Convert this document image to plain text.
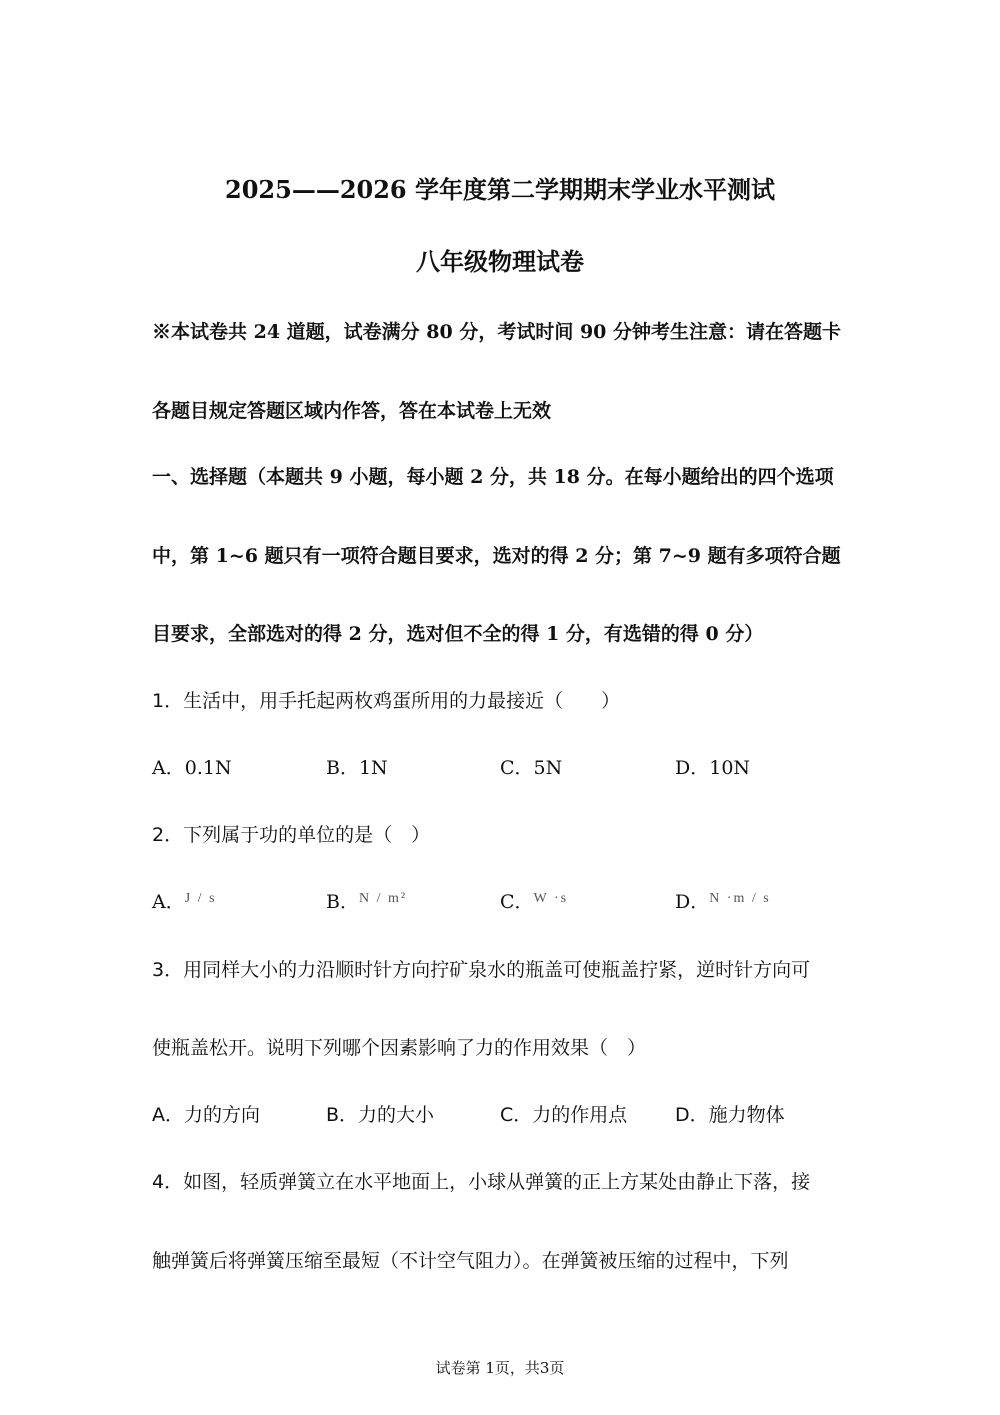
2025——2026 学年度第二学期期末学业水平测试
八年级物理试卷
※本试卷共 24 道题，试卷满分 80 分，考试时间 90 分钟考生注意：请在答题卡
各题目规定答题区域内作答，答在本试卷上无效
一、选择题（本题共 9 小题，每小题 2 分，共 18 分。在每小题给出的四个选项
中，第 1~6 题只有一项符合题目要求，选对的得 2 分；第 7~9 题有多项符合题
目要求，全部选对的得 2 分，选对但不全的得 1 分，有选错的得 0 分）
1．生活中，用手托起两枚鸡蛋所用的力最接近（　　）
A．0.1N	B．1N	C．5N	D．10N
2．下列属于功的单位的是（　）
A．$^{J / s}$	B．$^{N / m^2}$	C．$^{W \cdot s}$	D．$^{N \cdot m / s}$
3．用同样大小的力沿顺时针方向拧矿泉水的瓶盖可使瓶盖拧紧，逆时针方向可
使瓶盖松开。说明下列哪个因素影响了力的作用效果（　）
A．力的方向	B．力的大小	C．力的作用点	D．施力物体
4．如图，轻质弹簧立在水平地面上，小球从弹簧的正上方某处由静止下落，接
触弹簧后将弹簧压缩至最短（不计空气阻力）。在弹簧被压缩的过程中，下列
试卷第 1页，共3页
